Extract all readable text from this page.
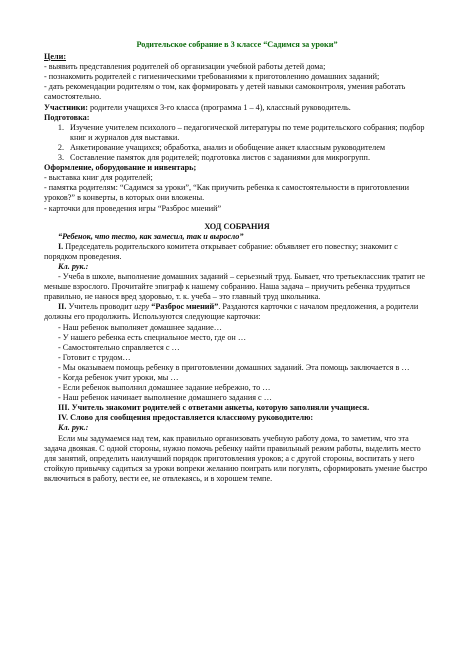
Родительское собрание в 3 классе “Садимся за уроки”

Цели:

- выявить представления родителей об организации учебной работы детей дома;

- познакомить родителей с гигиеническими требованиями к приготовлению домашних заданий;

- дать рекомендации родителям о том, как формировать у детей навыки самоконтроля, умения работать самостоятельно.

Участники: родители учащихся 3-го класса (программа 1 – 4), классный руководитель.

Подготовка:

1. Изучение учителем психолого – педагогической литературы по теме родительского собрания; подбор книг и журналов для выставки.
2. Анкетирование учащихся; обработка, анализ и обобщение анкет классным руководителем
3. Составление памяток для родителей; подготовка листов с заданиями для микрогрупп.

Оформление, оборудование и инвентарь;

- выставка книг для родителей;

- памятка родителям: “Садимся за уроки”, “Как приучить ребенка к самостоятельности в приготовлении уроков?” в конверты, в которых они вложены.

- карточки для проведения игры “Разброс мнений”

ХОД СОБРАНИЯ

“Ребенок, что тесто, как замесил, так и выросло”

I. Председатель родительского комитета открывает собрание: объявляет его повестку; знакомит с порядком проведения.

Кл. рук.:

- Учеба в школе, выполнение домашних заданий – серьезный труд. Бывает, что третьеклассник тратит не меньше взрослого. Прочитайте эпиграф к нашему собранию. Наша задача – приучить ребенка трудиться правильно, не нанося вред здоровью, т. к. учеба – это главный труд школьника.

II. Учитель проводит игру “Разброс мнений”. Раздаются карточки с началом предложения, а родители должны его продолжить. Используются следующие карточки:

- Наш ребенок выполняет домашнее задание…

- У нашего ребенка есть специальное место, где он …

- Самостоятельно справляется с …

- Готовит с трудом…

- Мы оказываем помощь ребенку в приготовлении домашних заданий. Эта помощь заключается в …

- Когда ребенок учит уроки, мы …

- Если ребенок выполнил домашнее задание небрежно, то …

- Наш ребенок начинает выполнение домашнего задания с …

III. Учитель знакомит родителей с ответами анкеты, которую заполняли учащиеся.

IV. Слово для сообщения предоставляется классному руководителю:

Кл. рук.:

Если мы задумаемся над тем, как правильно организовать учебную работу дома, то заметим, что эта задача двоякая. С одной стороны, нужно помочь ребенку найти правильный режим работы, выделить место для занятий, определить наилучший порядок приготовления уроков; а с другой стороны, воспитать у него стойкую привычку садиться за уроки вопреки желанию поиграть или погулять, сформировать умение быстро включиться в работу, вести ее, не отвлекаясь, и в хорошем темпе.
